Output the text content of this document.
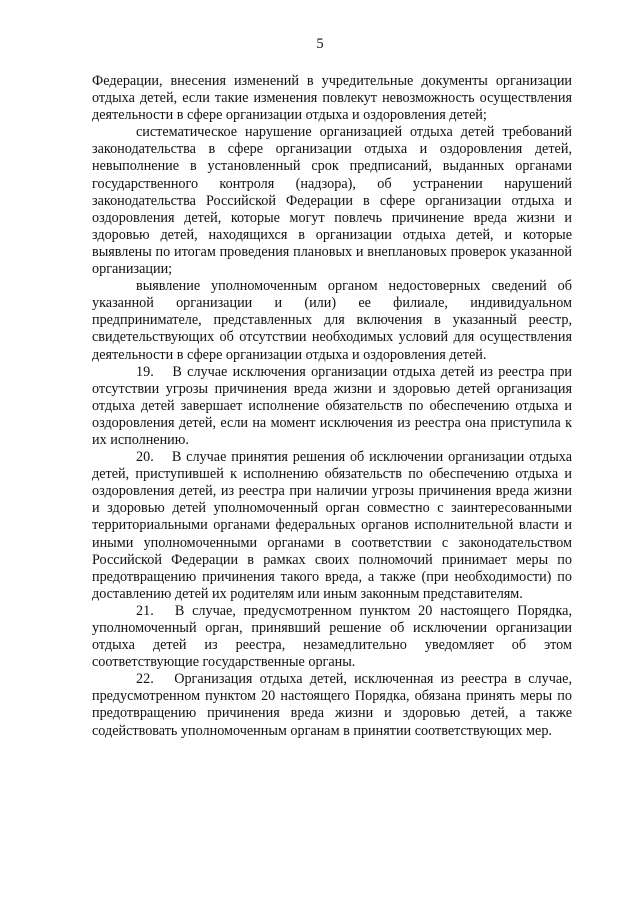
5

Федерации, внесения изменений в учредительные документы организации отдыха детей, если такие изменения повлекут невозможность осуществления деятельности в сфере организации отдыха и оздоровления детей;

систематическое нарушение организацией отдыха детей требований законодательства в сфере организации отдыха и оздоровления детей, невыполнение в установленный срок предписаний, выданных органами государственного контроля (надзора), об устранении нарушений законодательства Российской Федерации в сфере организации отдыха и оздоровления детей, которые могут повлечь причинение вреда жизни и здоровью детей, находящихся в организации отдыха детей, и которые выявлены по итогам проведения плановых и внеплановых проверок указанной организации;

выявление уполномоченным органом недостоверных сведений об указанной организации и (или) ее филиале, индивидуальном предпринимателе, представленных для включения в указанный реестр, свидетельствующих об отсутствии необходимых условий для осуществления деятельности в сфере организации отдыха и оздоровления детей.

19. В случае исключения организации отдыха детей из реестра при отсутствии угрозы причинения вреда жизни и здоровью детей организация отдыха детей завершает исполнение обязательств по обеспечению отдыха и оздоровления детей, если на момент исключения из реестра она приступила к их исполнению.

20. В случае принятия решения об исключении организации отдыха детей, приступившей к исполнению обязательств по обеспечению отдыха и оздоровления детей, из реестра при наличии угрозы причинения вреда жизни и здоровью детей уполномоченный орган совместно с заинтересованными территориальными органами федеральных органов исполнительной власти и иными уполномоченными органами в соответствии с законодательством Российской Федерации в рамках своих полномочий принимает меры по предотвращению причинения такого вреда, а также (при необходимости) по доставлению детей их родителям или иным законным представителям.

21. В случае, предусмотренном пунктом 20 настоящего Порядка, уполномоченный орган, принявший решение об исключении организации отдыха детей из реестра, незамедлительно уведомляет об этом соответствующие государственные органы.

22. Организация отдыха детей, исключенная из реестра в случае, предусмотренном пунктом 20 настоящего Порядка, обязана принять меры по предотвращению причинения вреда жизни и здоровью детей, а также содействовать уполномоченным органам в принятии соответствующих мер.
